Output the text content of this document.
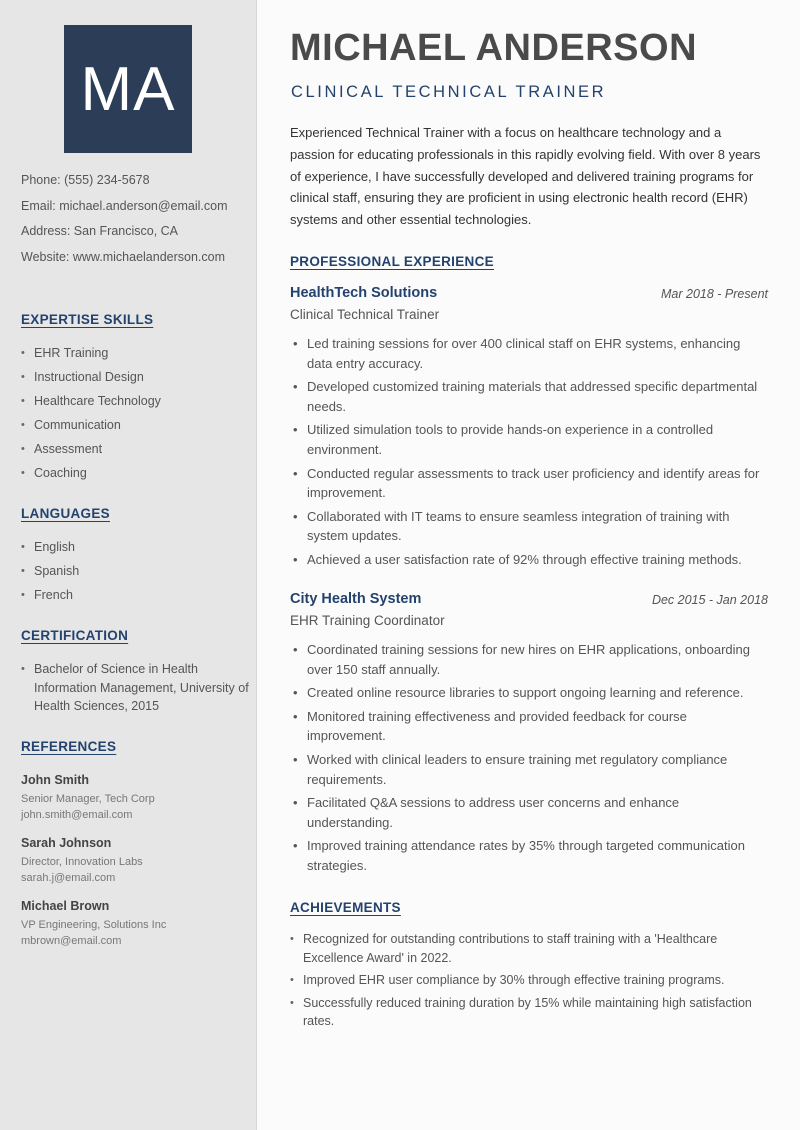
MA
Phone: (555) 234-5678
Email: michael.anderson@email.com
Address: San Francisco, CA
Website: www.michaelanderson.com
EXPERTISE SKILLS
• EHR Training
• Instructional Design
• Healthcare Technology
• Communication
• Assessment
• Coaching
LANGUAGES
• English
• Spanish
• French
CERTIFICATION
• Bachelor of Science in Health Information Management, University of Health Sciences, 2015
REFERENCES
John Smith
Senior Manager, Tech Corp
john.smith@email.com
Sarah Johnson
Director, Innovation Labs
sarah.j@email.com
Michael Brown
VP Engineering, Solutions Inc
mbrown@email.com
MICHAEL ANDERSON
CLINICAL TECHNICAL TRAINER

Experienced Technical Trainer with a focus on healthcare technology and a passion for educating professionals in this rapidly evolving field. With over 8 years of experience, I have successfully developed and delivered training programs for clinical staff, ensuring they are proficient in using electronic health record (EHR) systems and other essential technologies.

PROFESSIONAL EXPERIENCE
HealthTech Solutions	Mar 2018 - Present
Clinical Technical Trainer
• Led training sessions for over 400 clinical staff on EHR systems, enhancing data entry accuracy.
• Developed customized training materials that addressed specific departmental needs.
• Utilized simulation tools to provide hands-on experience in a controlled environment.
• Conducted regular assessments to track user proficiency and identify areas for improvement.
• Collaborated with IT teams to ensure seamless integration of training with system updates.
• Achieved a user satisfaction rate of 92% through effective training methods.
City Health System	Dec 2015 - Jan 2018
EHR Training Coordinator
• Coordinated training sessions for new hires on EHR applications, onboarding over 150 staff annually.
• Created online resource libraries to support ongoing learning and reference.
• Monitored training effectiveness and provided feedback for course improvement.
• Worked with clinical leaders to ensure training met regulatory compliance requirements.
• Facilitated Q&A sessions to address user concerns and enhance understanding.
• Improved training attendance rates by 35% through targeted communication strategies.
ACHIEVEMENTS
• Recognized for outstanding contributions to staff training with a 'Healthcare Excellence Award' in 2022.
• Improved EHR user compliance by 30% through effective training programs.
• Successfully reduced training duration by 15% while maintaining high satisfaction rates.
